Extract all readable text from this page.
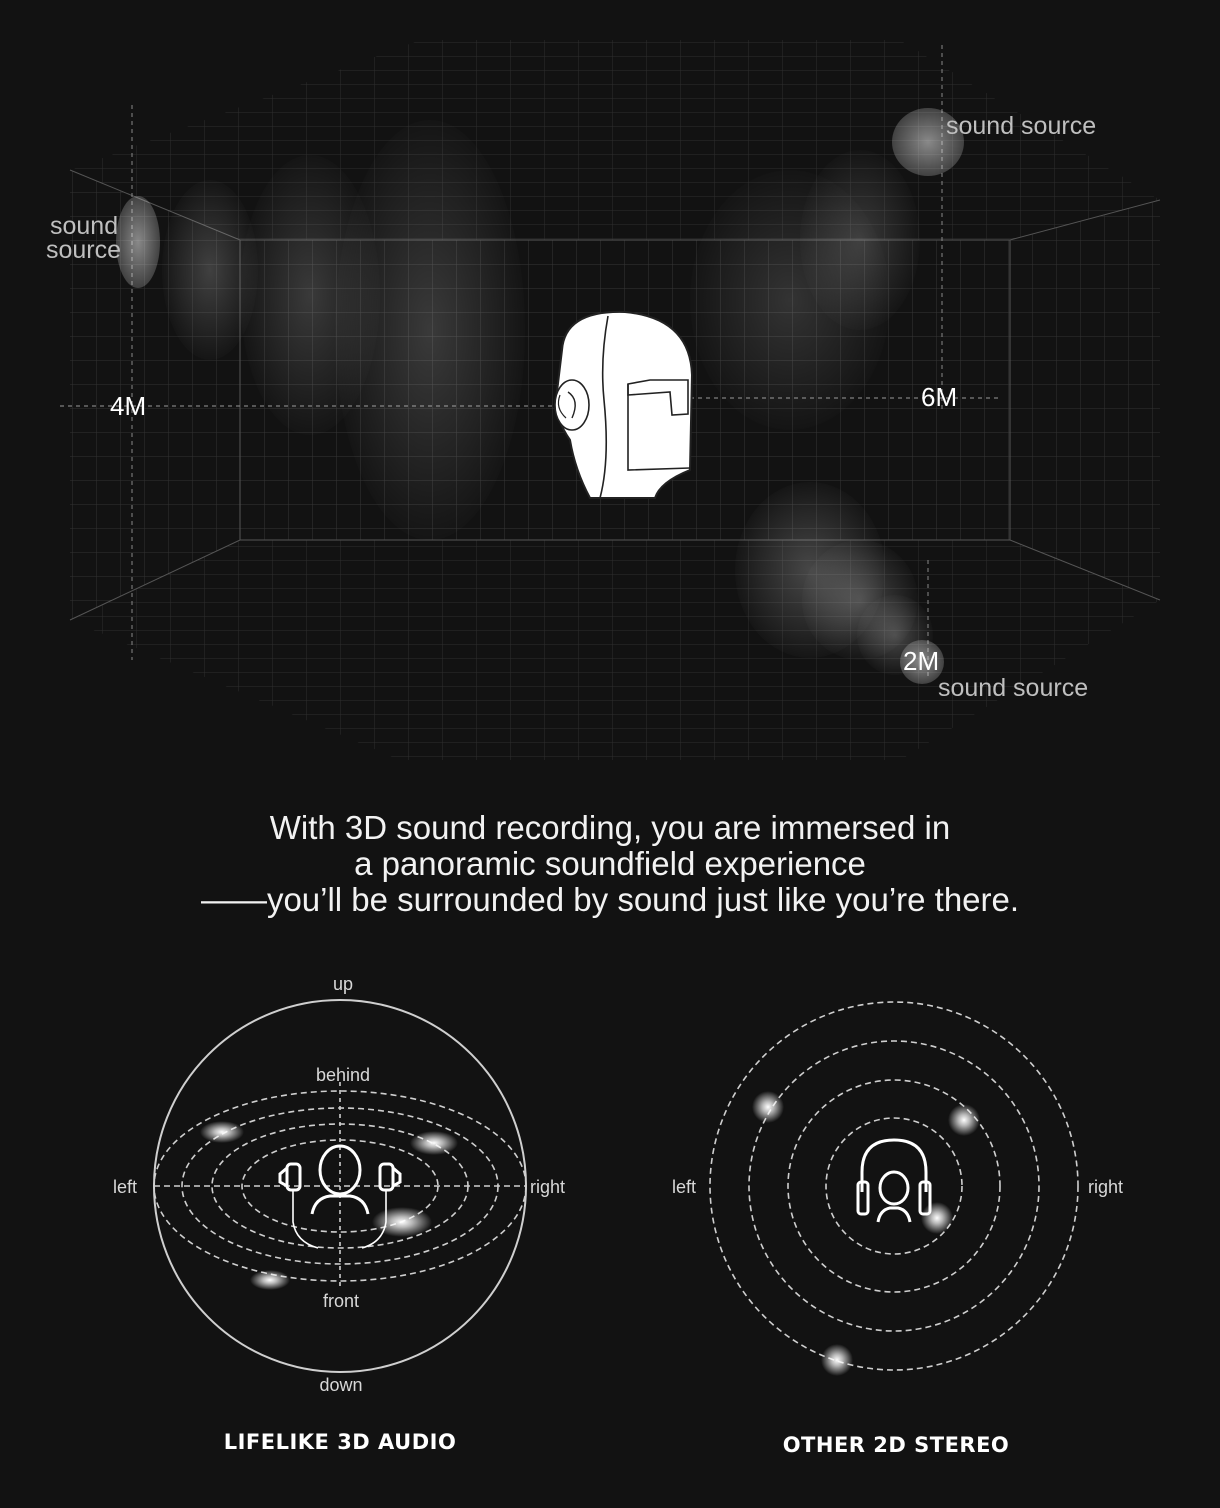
4M	6M
2M
sound source
sound
source
sound source
With 3D sound recording, you are immersed in
a panoramic soundfield experience
——you’ll be surrounded by sound just like you’re there.
up
down
left	right
behind
front
LIFELIKE 3D AUDIO
left	right
OTHER 2D STEREO
